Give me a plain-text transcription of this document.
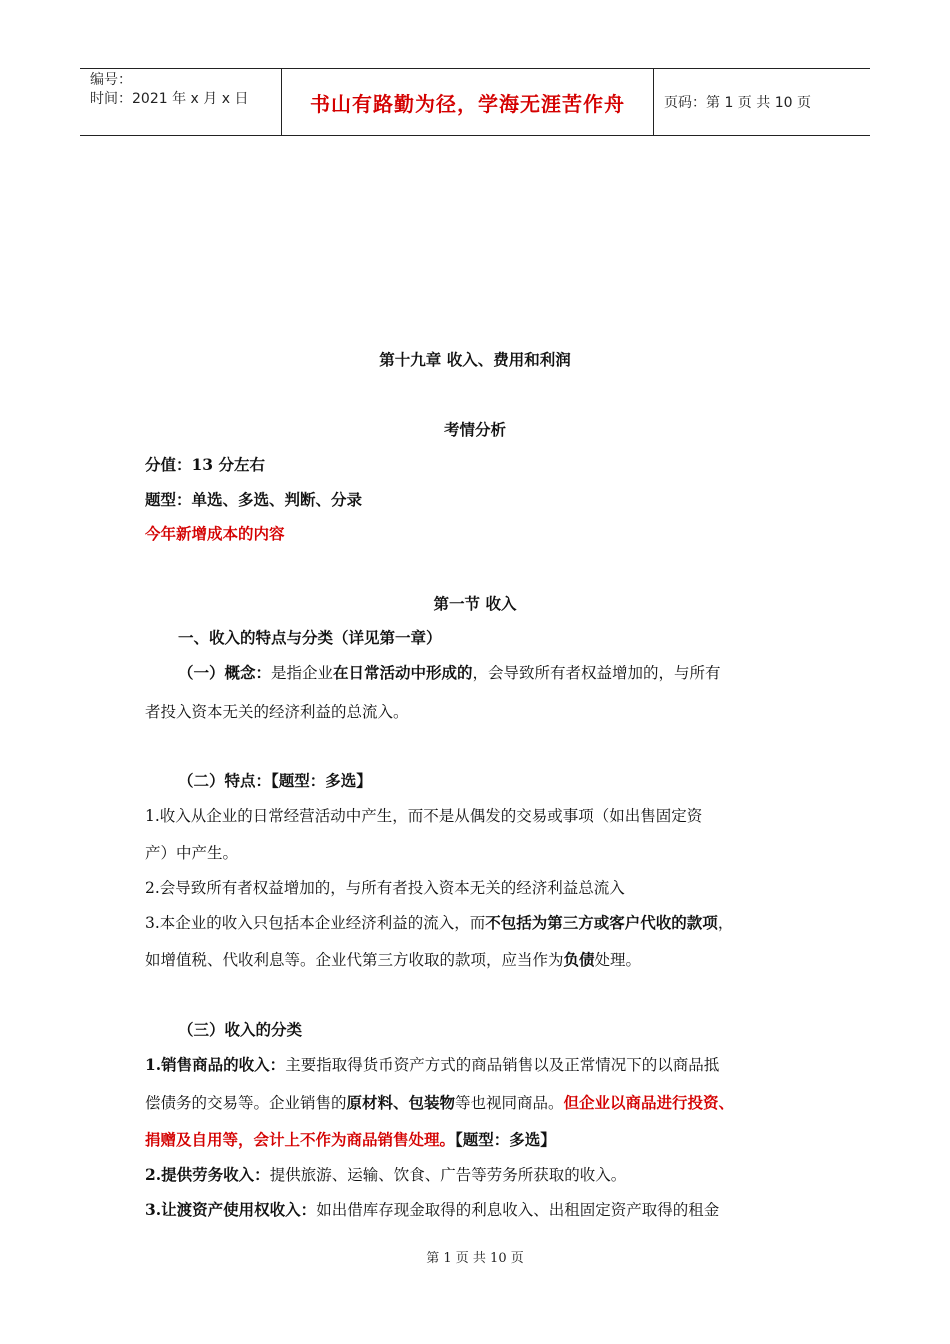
编号：
时间：2021 年 x 月 x 日	书山有路勤为径，学海无涯苦作舟	页码：第 1 页 共 10 页
第十九章 收入、费用和利润
考情分析
分值：13 分左右
题型：单选、多选、判断、分录
今年新增成本的内容
第一节 收入
一、收入的特点与分类（详见第一章）
（一）概念：是指企业在日常活动中形成的，会导致所有者权益增加的，与所有
者投入资本无关的经济利益的总流入。
（二）特点：【题型：多选】
1.收入从企业的日常经营活动中产生，而不是从偶发的交易或事项（如出售固定资
产）中产生。
2.会导致所有者权益增加的，与所有者投入资本无关的经济利益总流入
3.本企业的收入只包括本企业经济利益的流入，而不包括为第三方或客户代收的款项，
如增值税、代收利息等。企业代第三方收取的款项，应当作为负债处理。
（三）收入的分类
1.销售商品的收入：主要指取得货币资产方式的商品销售以及正常情况下的以商品抵
偿债务的交易等。企业销售的原材料、包装物等也视同商品。但企业以商品进行投资、
捐赠及自用等，会计上不作为商品销售处理。【题型：多选】
2.提供劳务收入：提供旅游、运输、饮食、广告等劳务所获取的收入。
3.让渡资产使用权收入：如出借库存现金取得的利息收入、出租固定资产取得的租金
第 1 页 共 10 页
